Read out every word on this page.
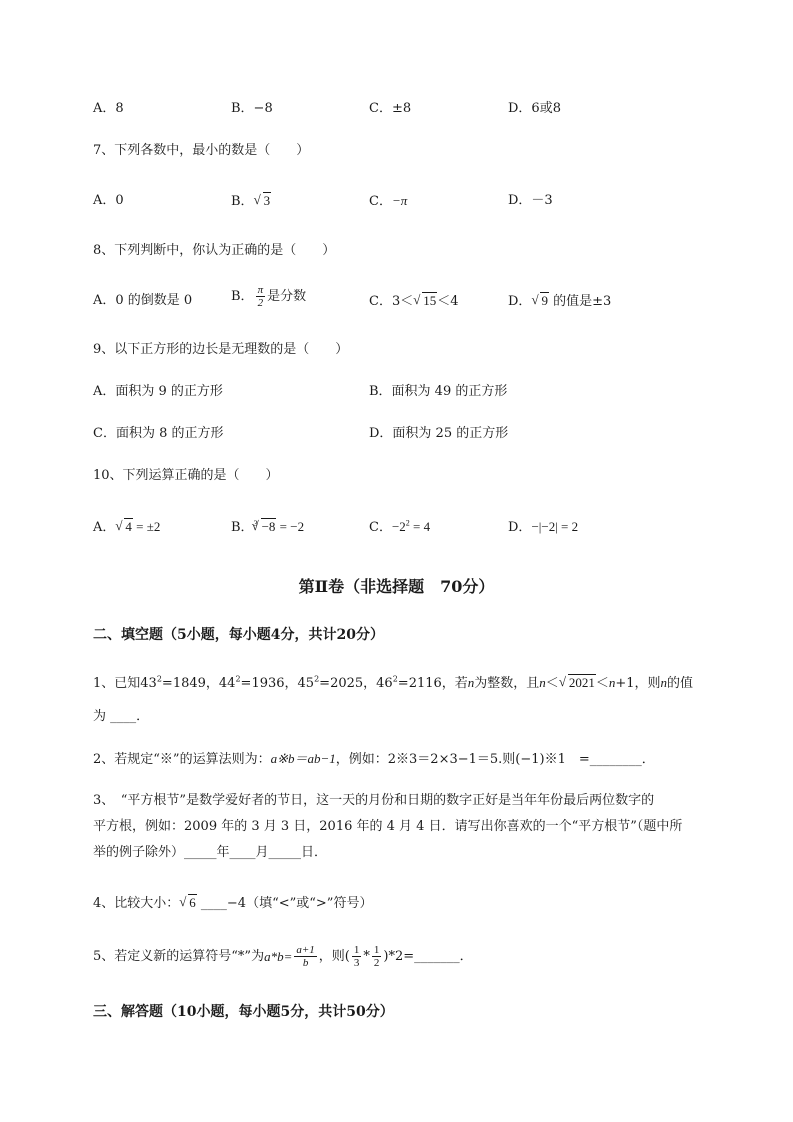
A．8	B．−8	C．±8	D．6或8
7、下列各数中，最小的数是（　　）
A．0	B． √ 3	C．−π	D．－3
8、下列判断中，你认为正确的是（　　）
A．0 的倒数是 0	B． $\frac{\pi}{2}$ 是分数	C．3＜ √ 15＜4	D． √ 9 的值是±3
9、以下正方形的边长是无理数的是（　　）
A．面积为 9 的正方形	B．面积为 49 的正方形
C．面积为 8 的正方形	D．面积为 25 的正方形
10、下列运算正确的是（　　）
A． √ 4 = ±2	B．$^3$ √ −8 = −2	C．$-2^2 = 4$	D．−|−2| = 2
第Ⅱ卷（非选择题　70分）
二、填空题（5小题，每小题4分，共计20分）
1、已知$43^2=1849$，$44^2=1936$，$45^2=2025$，$46^2=2116$，若n为整数，且n＜ √ 2021＜n+1，则n的值
为 ____．
2、若规定“※”的运算法则为：a※b＝ab−1，例如：2※3＝2×3−1＝5.则(−1)※1　=________．
3、　“平方根节”是数学爱好者的节日，这一天的月份和日期的数字正好是当年年份最后两位数字的
平方根，例如：2009 年的 3 月 3 日，2016 年的 4 月 4 日．请写出你喜欢的一个“平方根节”（题中所
举的例子除外）_____年____月_____日．
4、比较大小： √ 6 ____−4（填“<”或“>”符号）
5、若定义新的运算符号“*”为 $a*b= \frac{a+1}{b}$ ，则( $\frac{1}{3} * \frac{1}{2}$ )*2=_______．
三、解答题（10小题，每小题5分，共计50分）
